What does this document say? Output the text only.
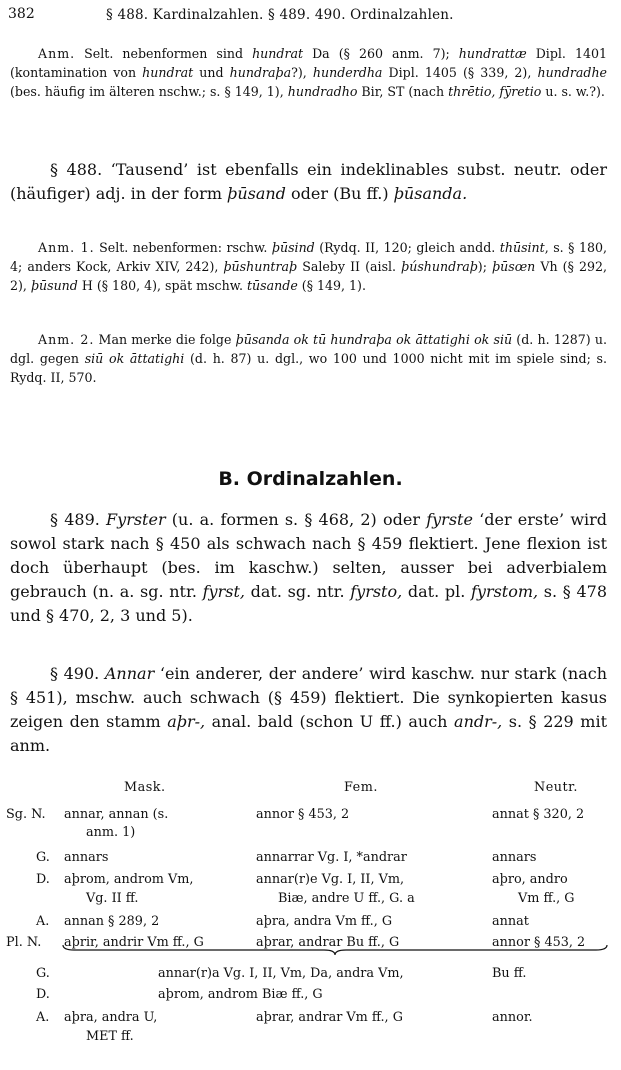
382	§ 488. Kardinalzahlen. § 489. 490. Ordinalzahlen.
Anm. Selt. nebenformen sind hundrat Da (§ 260 anm. 7); hundrattæ Dipl. 1401 (kontamination von hundrat und hundraþa?), hunderdha Dipl. 1405 (§ 339, 2), hundradhe (bes. häufig im älteren nschw.; s. § 149, 1), hundradho Bir, ST (nach thrētio, fȳretio u. s. w.?).
§ 488. ‘Tausend’ ist ebenfalls ein indeklinables subst. neutr. oder (häufiger) adj. in der form þūsand oder (Bu ff.) þūsanda.
Anm. 1. Selt. nebenformen: rschw. þūsind (Rydq. II, 120; gleich andd. thūsint, s. § 180, 4; anders Kock, Arkiv XIV, 242), þūshuntraþ Saleby II (aisl. þúshundraþ); þūsœn Vh (§ 292, 2), þūsund H (§ 180, 4), spät mschw. tūsande (§ 149, 1).
Anm. 2. Man merke die folge þūsanda ok tū hundraþa ok āttatighi ok siū (d. h. 1287) u. dgl. gegen siū ok āttatighi (d. h. 87) u. dgl., wo 100 und 1000 nicht mit im spiele sind; s. Rydq. II, 570.
B. Ordinalzahlen.
§ 489. Fyrster (u. a. formen s. § 468, 2) oder fyrste ‘der erste’ wird sowol stark nach § 450 als schwach nach § 459 flektiert. Jene flexion ist doch überhaupt (bes. im kaschw.) selten, ausser bei adverbialem gebrauch (n. a. sg. ntr. fyrst, dat. sg. ntr. fyrsto, dat. pl. fyrstom, s. § 478 und § 470, 2, 3 und 5).
§ 490. Annar ‘ein anderer, der andere’ wird kaschw. nur stark (nach § 451), mschw. auch schwach (§ 459) flektiert. Die synkopierten kasus zeigen den stamm aþr-, anal. bald (schon U ff.) auch andr-, s. § 229 mit anm.
Mask.	Fem.	Neutr.
Sg. N. annar, annan (s.	annor § 453, 2	annat § 320, 2
anm. 1)
G. annars	annarrar Vg. I, *andrar	annars
D. aþrom, androm Vm,	annar(r)e Vg. I, II, Vm,	aþro, andro
Vg. II ff.	Biæ, andre U ff., G. a	Vm ff., G
A. annan § 289, 2	aþra, andra Vm ff., G	annat
Pl. N. aþrir, andrir Vm ff., G	aþrar, andrar Bu ff., G	annor § 453, 2
G.	annar(r)a Vg. I, II, Vm, Da, andra Vm,	Bu ff.
D.	aþrom, androm Biæ ff., G
A. aþra, andra U,	aþrar, andrar Vm ff., G	annor.
MET ff.
